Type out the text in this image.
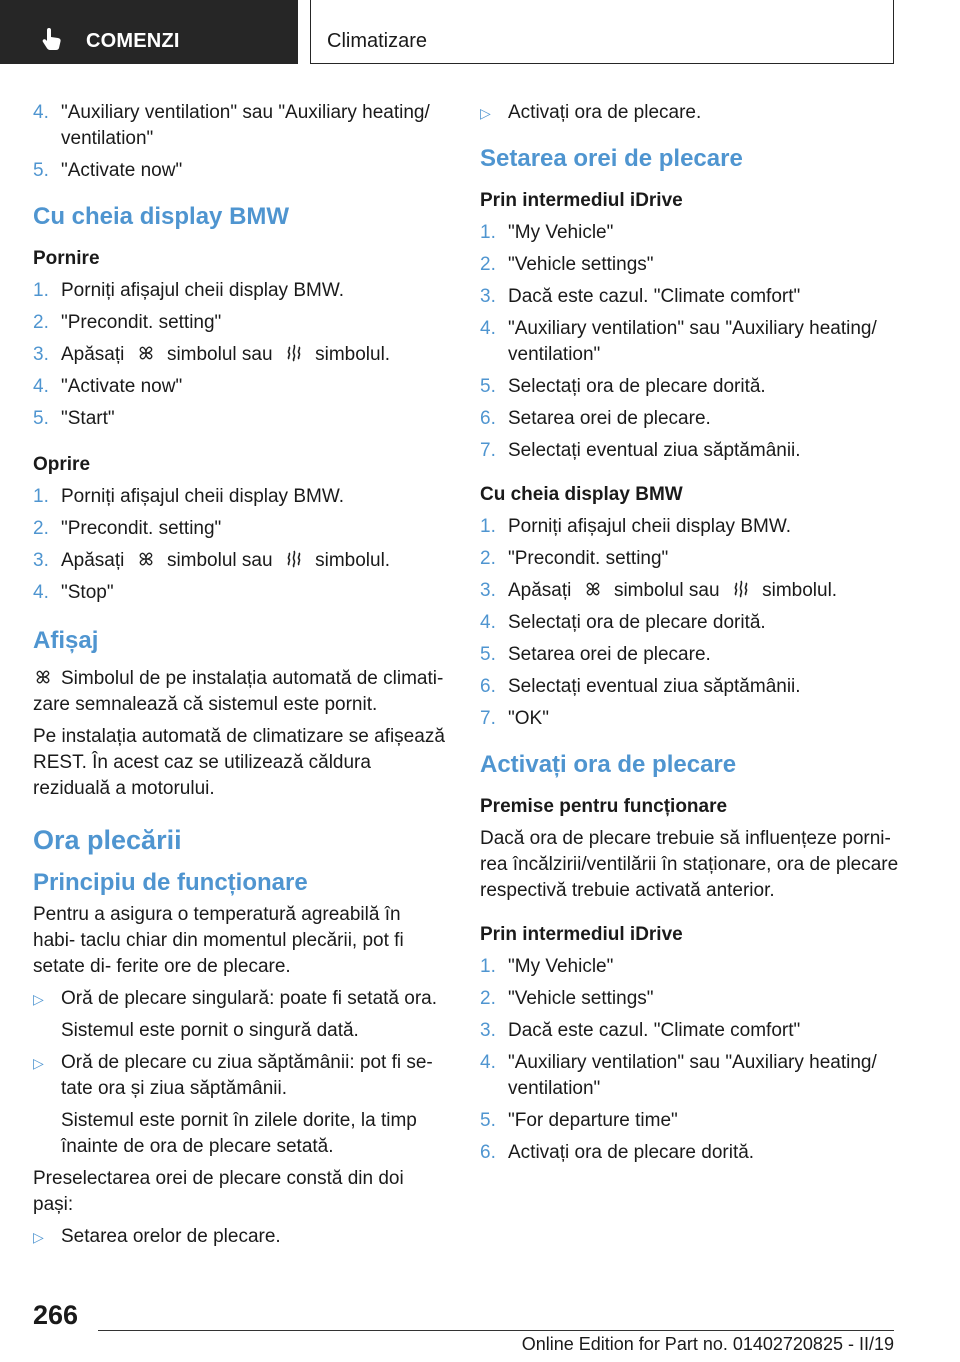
COMENZI	Climatizare
4. "Auxiliary ventilation" sau "Auxiliary heating/ ventilation"
5. "Activate now"
Cu cheia display BMW
Pornire
1. Porniți afișajul cheii display BMW.
2. "Precondit. setting"
3. Apăsați simbolul sau simbolul.
4. "Activate now"
5. "Start"
Oprire
1. Porniți afișajul cheii display BMW.
2. "Precondit. setting"
3. Apăsați simbolul sau simbolul.
4. "Stop"
Afișaj
Simbolul de pe instalația automată de climati‐ zare semnalează că sistemul este pornit.
Pe instalația automată de climatizare se afișează REST. În acest caz se utilizează căldura reziduală a motorului.
Ora plecării
Principiu de funcționare
Pentru a asigura o temperatură agreabilă în habi‐ taclu chiar din momentul plecării, pot fi setate di‐ ferite ore de plecare.
▷ Oră de plecare singulară: poate fi setată ora.
Sistemul este pornit o singură dată.
▷ Oră de plecare cu ziua săptămânii: pot fi se‐ tate ora și ziua săptămânii.
Sistemul este pornit în zilele dorite, la timp înainte de ora de plecare setată.
Preselectarea orei de plecare constă din doi pași:
▷ Setarea orelor de plecare.
▷ Activați ora de plecare.
Setarea orei de plecare
Prin intermediul iDrive
1. "My Vehicle"
2. "Vehicle settings"
3. Dacă este cazul. "Climate comfort"
4. "Auxiliary ventilation" sau "Auxiliary heating/ ventilation"
5. Selectați ora de plecare dorită.
6. Setarea orei de plecare.
7. Selectați eventual ziua săptămânii.
Cu cheia display BMW
1. Porniți afișajul cheii display BMW.
2. "Precondit. setting"
3. Apăsați simbolul sau simbolul.
4. Selectați ora de plecare dorită.
5. Setarea orei de plecare.
6. Selectați eventual ziua săptămânii.
7. "OK"
Activați ora de plecare
Premise pentru funcționare
Dacă ora de plecare trebuie să influențeze porni‐ rea încălzirii/ventilării în staționare, ora de plecare respectivă trebuie activată anterior.
Prin intermediul iDrive
1. "My Vehicle"
2. "Vehicle settings"
3. Dacă este cazul. "Climate comfort"
4. "Auxiliary ventilation" sau "Auxiliary heating/ ventilation"
5. "For departure time"
6. Activați ora de plecare dorită.
266
Online Edition for Part no. 01402720825 - II/19
